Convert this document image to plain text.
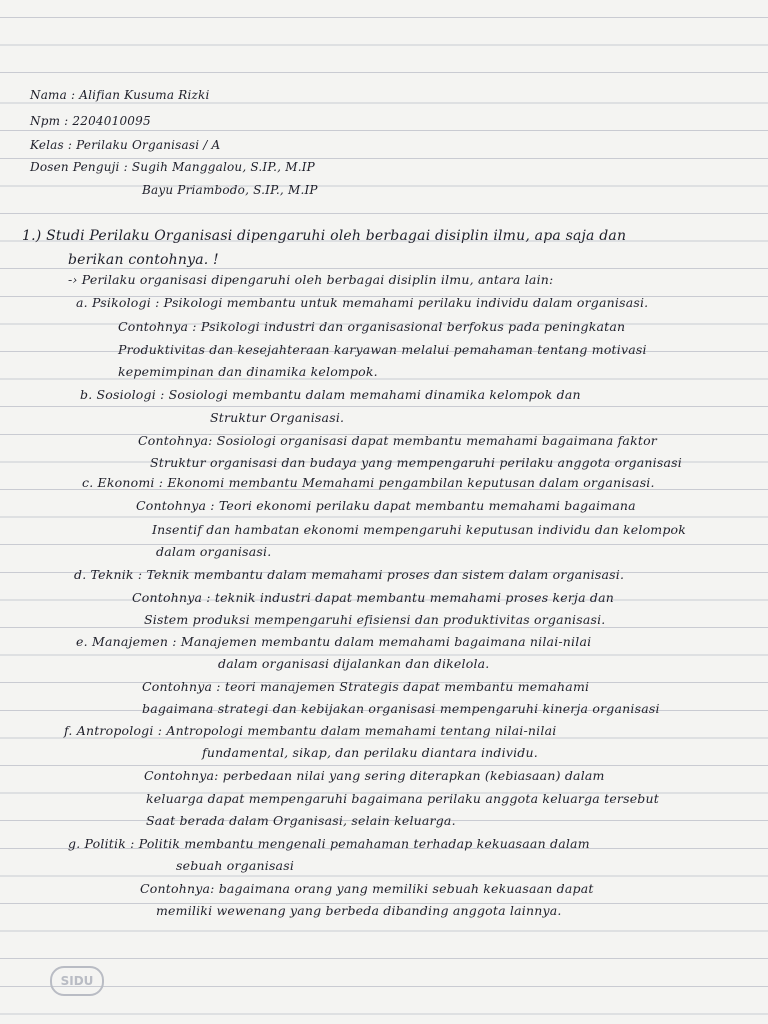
Nama : Alifian Kusuma Rizki
Npm : 2204010095
Kelas : Perilaku Organisasi / A
Dosen Penguji : Sugih Manggalou, S.IP., M.IP
Bayu Priambodo, S.IP., M.IP
1.) Studi Perilaku Organisasi dipengaruhi oleh berbagai disiplin ilmu, apa saja dan
berikan contohnya. !
-› Perilaku organisasi dipengaruhi oleh berbagai disiplin ilmu, antara lain:
a. Psikologi : Psikologi membantu untuk memahami perilaku individu dalam organisasi.
Contohnya : Psikologi industri dan organisasional berfokus pada peningkatan
Produktivitas dan kesejahteraan karyawan melalui pemahaman tentang motivasi
kepemimpinan dan dinamika kelompok.
b. Sosiologi : Sosiologi membantu dalam memahami dinamika kelompok dan
Struktur Organisasi.
Contohnya: Sosiologi organisasi dapat membantu memahami bagaimana faktor
Struktur organisasi dan budaya yang mempengaruhi perilaku anggota organisasi
c. Ekonomi : Ekonomi membantu Memahami pengambilan keputusan dalam organisasi.
Contohnya : Teori ekonomi perilaku dapat membantu memahami bagaimana
Insentif dan hambatan ekonomi mempengaruhi keputusan individu dan kelompok
dalam organisasi.
d. Teknik : Teknik membantu dalam memahami proses dan sistem dalam organisasi.
Contohnya : teknik industri dapat membantu memahami proses kerja dan
Sistem produksi mempengaruhi efisiensi dan produktivitas organisasi.
e. Manajemen : Manajemen membantu dalam memahami bagaimana nilai-nilai
dalam organisasi dijalankan dan dikelola.
Contohnya : teori manajemen Strategis dapat membantu memahami
bagaimana strategi dan kebijakan organisasi mempengaruhi kinerja organisasi
f. Antropologi : Antropologi membantu dalam memahami tentang nilai-nilai
fundamental, sikap, dan perilaku diantara individu.
Contohnya: perbedaan nilai yang sering diterapkan (kebiasaan) dalam
keluarga dapat mempengaruhi bagaimana perilaku anggota keluarga tersebut
Saat berada dalam Organisasi, selain keluarga.
g. Politik : Politik membantu mengenali pemahaman terhadap kekuasaan dalam
sebuah organisasi
Contohnya: bagaimana orang yang memiliki sebuah kekuasaan dapat
memiliki wewenang yang berbeda dibanding anggota lainnya.
SIDU
